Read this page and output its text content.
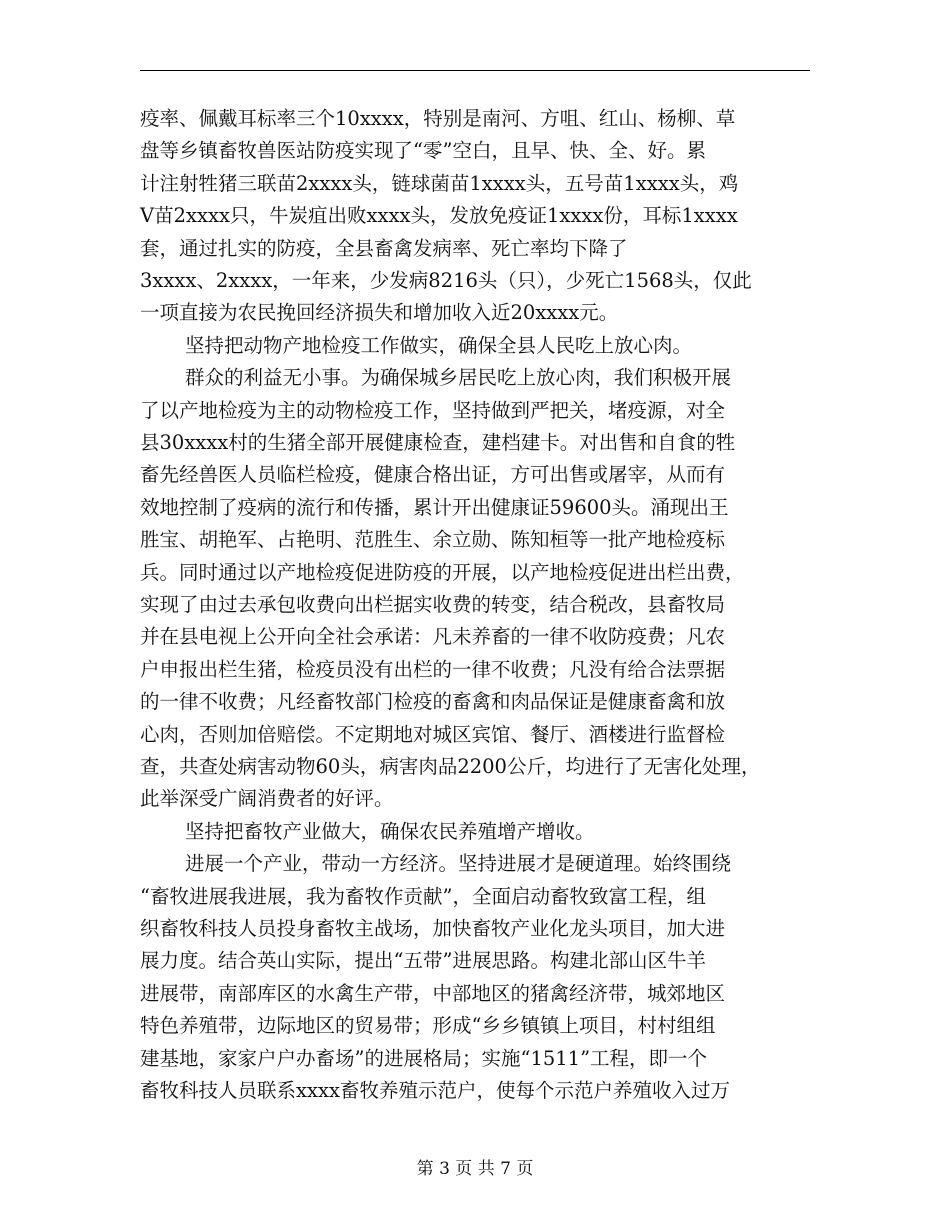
疫率、佩戴耳标率三个10xxxx，特别是南河、方咀、红山、杨柳、草
盘等乡镇畜牧兽医站防疫实现了“零”空白，且早、快、全、好。累
计注射牲猪三联苗2xxxx头，链球菌苗1xxxx头，五号苗1xxxx头，鸡
V苗2xxxx只，牛炭疽出败xxxx头，发放免疫证1xxxx份，耳标1xxxx
套，通过扎实的防疫，全县畜禽发病率、死亡率均下降了
3xxxx、2xxxx，一年来，少发病8216头（只），少死亡1568头，仅此
一项直接为农民挽回经济损失和增加收入近20xxxx元。
坚持把动物产地检疫工作做实，确保全县人民吃上放心肉。
群众的利益无小事。为确保城乡居民吃上放心肉，我们积极开展
了以产地检疫为主的动物检疫工作，坚持做到严把关，堵疫源，对全
县30xxxx村的生猪全部开展健康检查，建档建卡。对出售和自食的牲
畜先经兽医人员临栏检疫，健康合格出证，方可出售或屠宰，从而有
效地控制了疫病的流行和传播，累计开出健康证59600头。涌现出王
胜宝、胡艳军、占艳明、范胜生、余立勋、陈知桓等一批产地检疫标
兵。同时通过以产地检疫促进防疫的开展，以产地检疫促进出栏出费，
实现了由过去承包收费向出栏据实收费的转变，结合税改，县畜牧局
并在县电视上公开向全社会承诺：凡未养畜的一律不收防疫费；凡农
户申报出栏生猪，检疫员没有出栏的一律不收费；凡没有给合法票据
的一律不收费；凡经畜牧部门检疫的畜禽和肉品保证是健康畜禽和放
心肉，否则加倍赔偿。不定期地对城区宾馆、餐厅、酒楼进行监督检
查，共查处病害动物60头，病害肉品2200公斤，均进行了无害化处理，
此举深受广阔消费者的好评。
坚持把畜牧产业做大，确保农民养殖增产增收。
进展一个产业，带动一方经济。坚持进展才是硬道理。始终围绕
“畜牧进展我进展，我为畜牧作贡献”，全面启动畜牧致富工程，组
织畜牧科技人员投身畜牧主战场，加快畜牧产业化龙头项目，加大进
展力度。结合英山实际，提出“五带”进展思路。构建北部山区牛羊
进展带，南部库区的水禽生产带，中部地区的猪禽经济带，城郊地区
特色养殖带，边际地区的贸易带；形成“乡乡镇镇上项目，村村组组
建基地，家家户户办畜场”的进展格局；实施“1511”工程，即一个
畜牧科技人员联系xxxx畜牧养殖示范户，使每个示范户养殖收入过万
第 3 页 共 7 页
